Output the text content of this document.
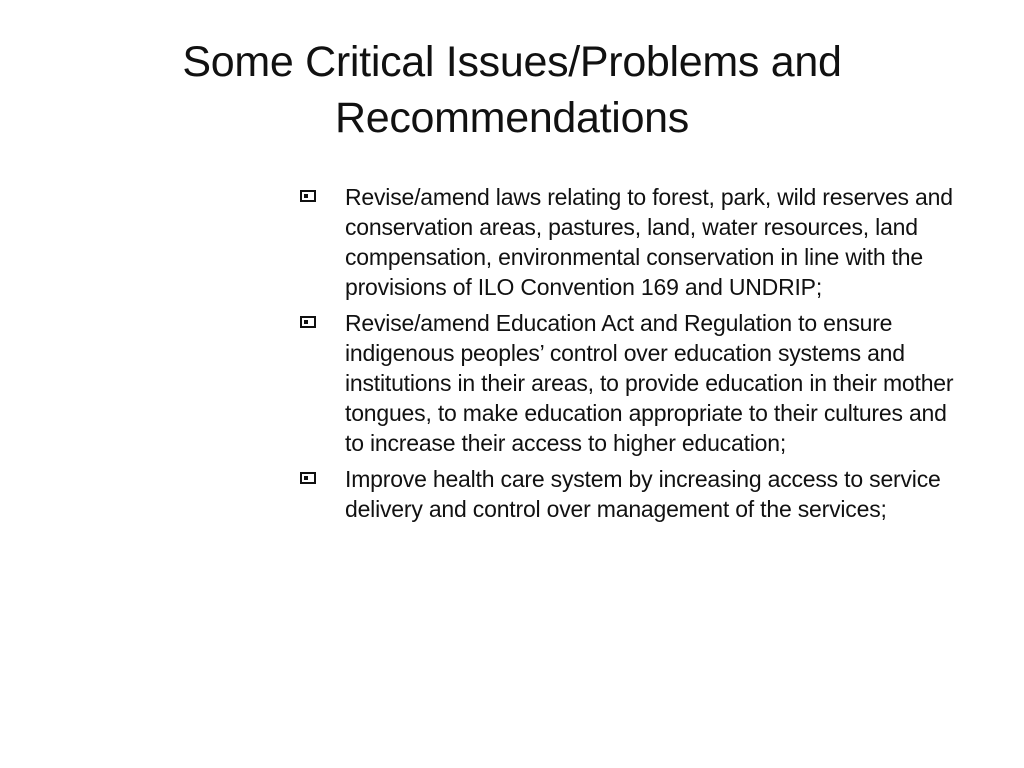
Some Critical Issues/Problems and Recommendations
Revise/amend laws relating to forest, park, wild reserves and conservation areas, pastures, land, water resources, land compensation, environmental conservation in line with the provisions of ILO Convention 169 and UNDRIP;
Revise/amend Education Act and Regulation to ensure indigenous peoples’ control over education systems and institutions in their areas, to provide education in their mother tongues, to make education appropriate to their cultures and to increase their access to higher education;
Improve health care system by increasing access to service delivery and control over management of the services;
